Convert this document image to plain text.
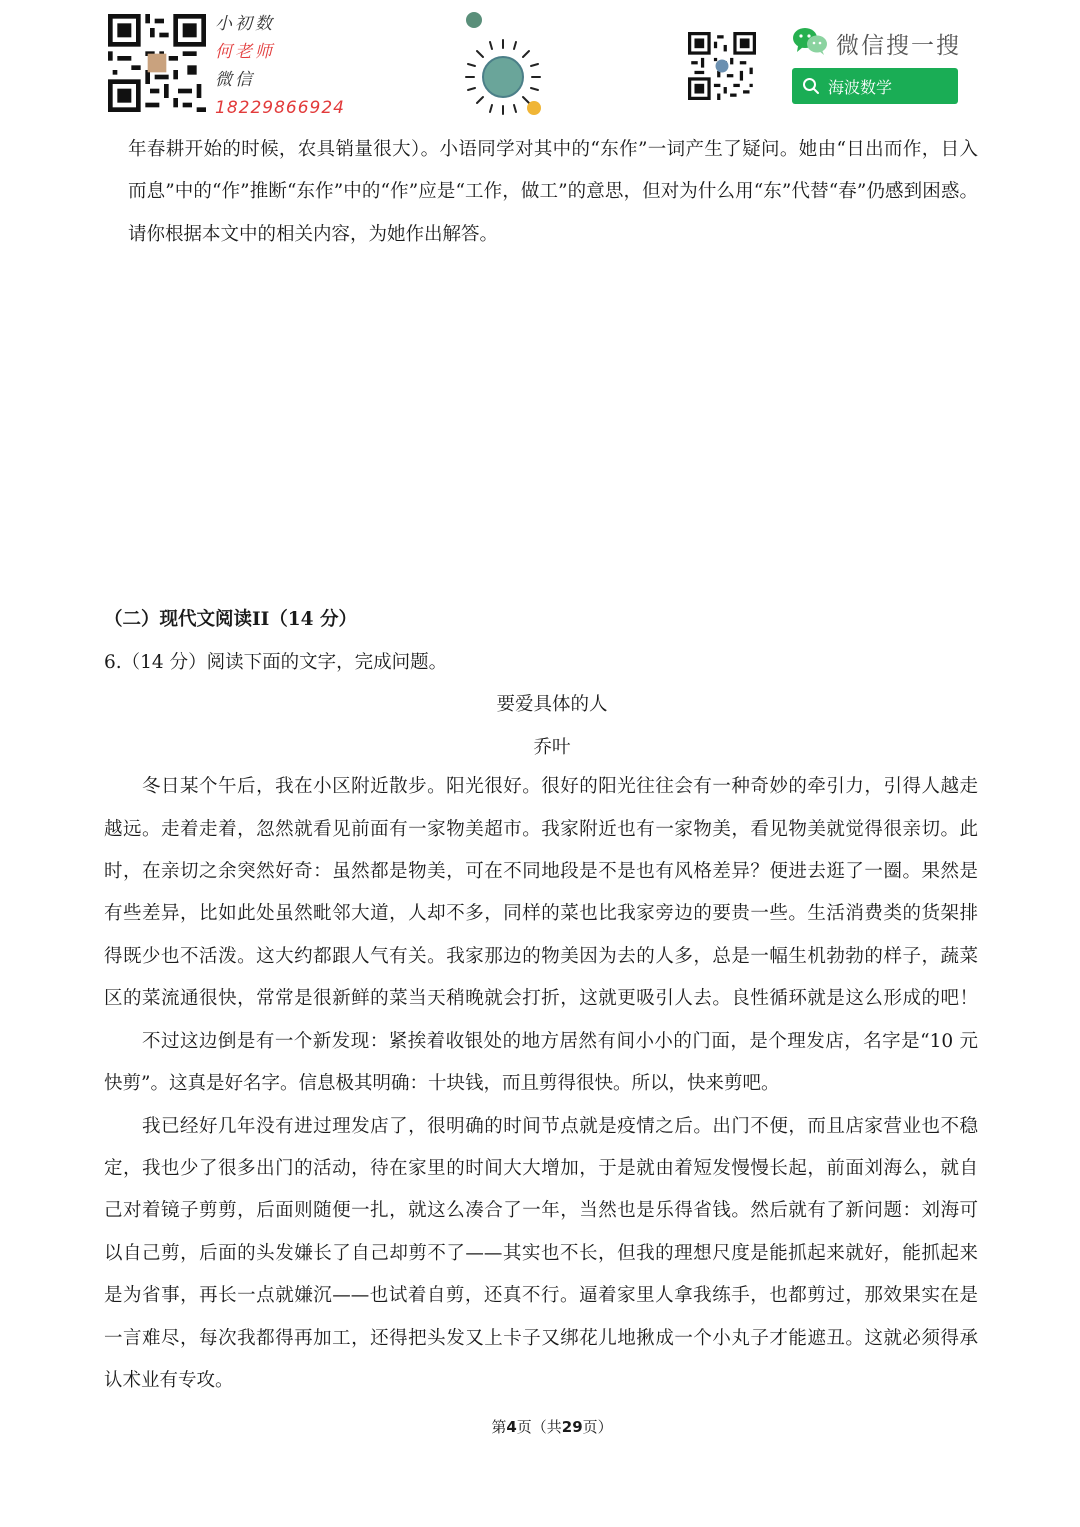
小初数
何老师
微信
18229866924
微信搜一搜
海波数学
年春耕开始的时候，农具销量很大）。小语同学对其中的“东作”一词产生了疑问。她由“日出而作，日入
而息”中的“作”推断“东作”中的“作”应是“工作，做工”的意思，但对为什么用“东”代替“春”仍感到困惑。
请你根据本文中的相关内容，为她作出解答。
（二）现代文阅读II（14 分）
6.（14 分）阅读下面的文字，完成问题。
要爱具体的人
乔叶
冬日某个午后，我在小区附近散步。阳光很好。很好的阳光往往会有一种奇妙的牵引力，引得人越走
越远。走着走着，忽然就看见前面有一家物美超市。我家附近也有一家物美，看见物美就觉得很亲切。此
时，在亲切之余突然好奇：虽然都是物美，可在不同地段是不是也有风格差异？便进去逛了一圈。果然是
有些差异，比如此处虽然毗邻大道，人却不多，同样的菜也比我家旁边的要贵一些。生活消费类的货架排
得既少也不活泼。这大约都跟人气有关。我家那边的物美因为去的人多，总是一幅生机勃勃的样子，蔬菜
区的菜流通很快，常常是很新鲜的菜当天稍晚就会打折，这就更吸引人去。良性循环就是这么形成的吧！
不过这边倒是有一个新发现：紧挨着收银处的地方居然有间小小的门面，是个理发店，名字是“10 元
快剪”。这真是好名字。信息极其明确：十块钱，而且剪得很快。所以，快来剪吧。
我已经好几年没有进过理发店了，很明确的时间节点就是疫情之后。出门不便，而且店家营业也不稳
定，我也少了很多出门的活动，待在家里的时间大大增加，于是就由着短发慢慢长起，前面刘海么，就自
己对着镜子剪剪，后面则随便一扎，就这么凑合了一年，当然也是乐得省钱。然后就有了新问题：刘海可
以自己剪，后面的头发嫌长了自己却剪不了——其实也不长，但我的理想尺度是能抓起来就好，能抓起来
是为省事，再长一点就嫌沉——也试着自剪，还真不行。逼着家里人拿我练手，也都剪过，那效果实在是
一言难尽，每次我都得再加工，还得把头发又上卡子又绑花儿地揪成一个小丸子才能遮丑。这就必须得承
认术业有专攻。
第4页（共29页）
